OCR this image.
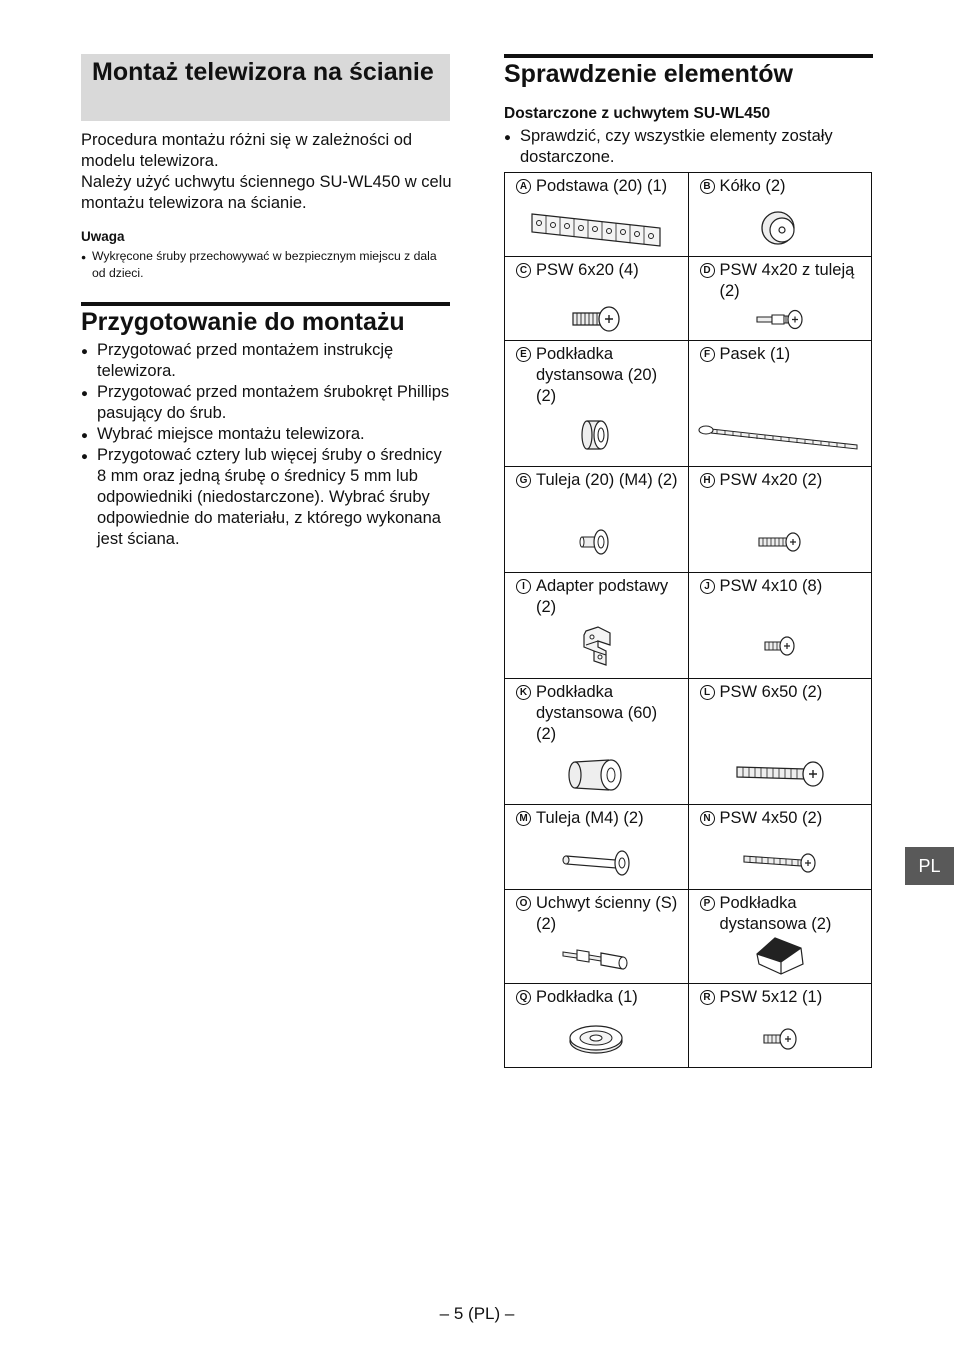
Montaż telewizora na ścianie
Procedura montażu różni się w zależności od modelu telewizora.
Należy użyć uchwytu ściennego SU-WL450 w celu montażu telewizora na ścianie.
Uwaga
● Wykręcone śruby przechowywać w bezpiecznym miejscu z dala od dzieci.
Przygotowanie do montażu
● Przygotować przed montażem instrukcję telewizora.
● Przygotować przed montażem śrubokręt Phillips pasujący do śrub.
● Wybrać miejsce montażu telewizora.
● Przygotować cztery lub więcej śruby o średnicy 8 mm oraz jedną śrubę o średnicy 5 mm lub odpowiedniki (niedostarczone). Wybrać śruby odpowiednie do materiału, z którego wykonana jest ściana.
Sprawdzenie elementów
Dostarczone z uchwytem SU-WL450
● Sprawdzić, czy wszystkie elementy zostały dostarczone.
A Podstawa (20) (1)	B Kółko (2)

C PSW 6x20 (4)	D PSW 4x20 z tuleją (2)

E Podkładka dystansowa (20) (2)	F Pasek (1)

G Tuleja (20) (M4) (2)	H PSW 4x20 (2)

I Adapter podstawy (2)	J PSW 4x10 (8)

K Podkładka dystansowa (60) (2)	L PSW 6x50 (2)

M Tuleja (M4) (2)	N PSW 4x50 (2)

O Uchwyt ścienny (S) (2)	P Podkładka dystansowa (2)

Q Podkładka (1)	R PSW 5x12 (1)
PL
– 5 (PL) –
